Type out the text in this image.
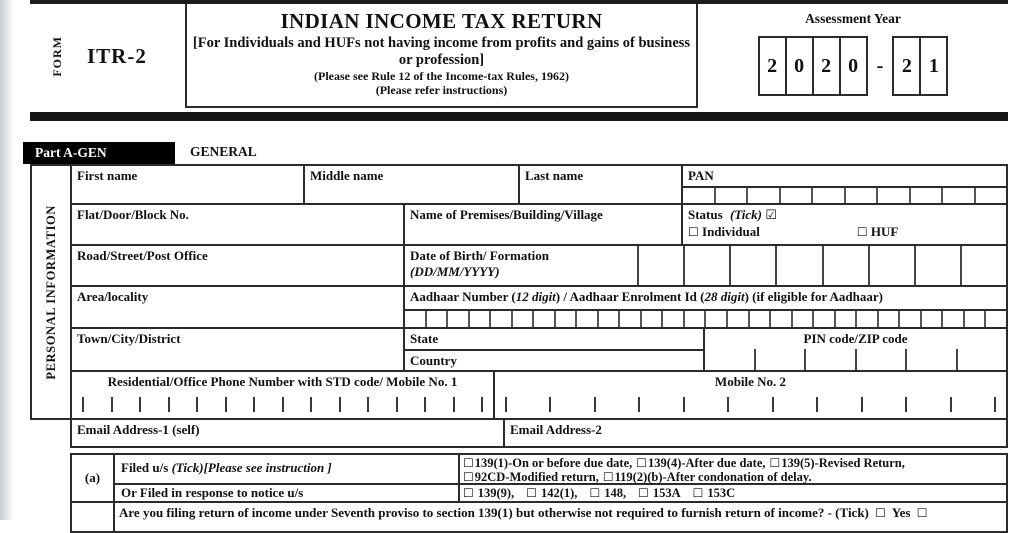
FORM ITR-2
INDIAN INCOME TAX RETURN
[For Individuals and HUFs not having income from profits and gains of business or profession]
(Please see Rule 12 of the Income-tax Rules, 1962)
(Please refer instructions)
Assessment Year
2 0 2 0 - 2 1
Part A-GEN	GENERAL
PERSONAL INFORMATION
First name	Middle name	Last name	PAN
Flat/Door/Block No.	Name of Premises/Building/Village	Status (Tick) ☑
☐ Individual	☐ HUF
Road/Street/Post Office	Date of Birth/ Formation (DD/MM/YYYY)
Area/locality	Aadhaar Number (12 digit) / Aadhaar Enrolment Id (28 digit) (if eligible for Aadhaar)
Town/City/District	State
Country
PIN code/ZIP code
Residential/Office Phone Number with STD code/ Mobile No. 1	Mobile No. 2
Email Address-1 (self)	Email Address-2
(a)
Filed u/s (Tick)[Please see instruction ]	☐139(1)-On or before due date, ☐139(4)-After due date, ☐139(5)-Revised Return,
☐92CD-Modified return, ☐119(2)(b)-After condonation of delay.
Or Filed in response to notice u/s	☐ 139(9), ☐ 142(1), ☐ 148, ☐ 153A ☐ 153C
Are you filing return of income under Seventh proviso to section 139(1) but otherwise not required to furnish return of income? - (Tick) ☐ Yes ☐
